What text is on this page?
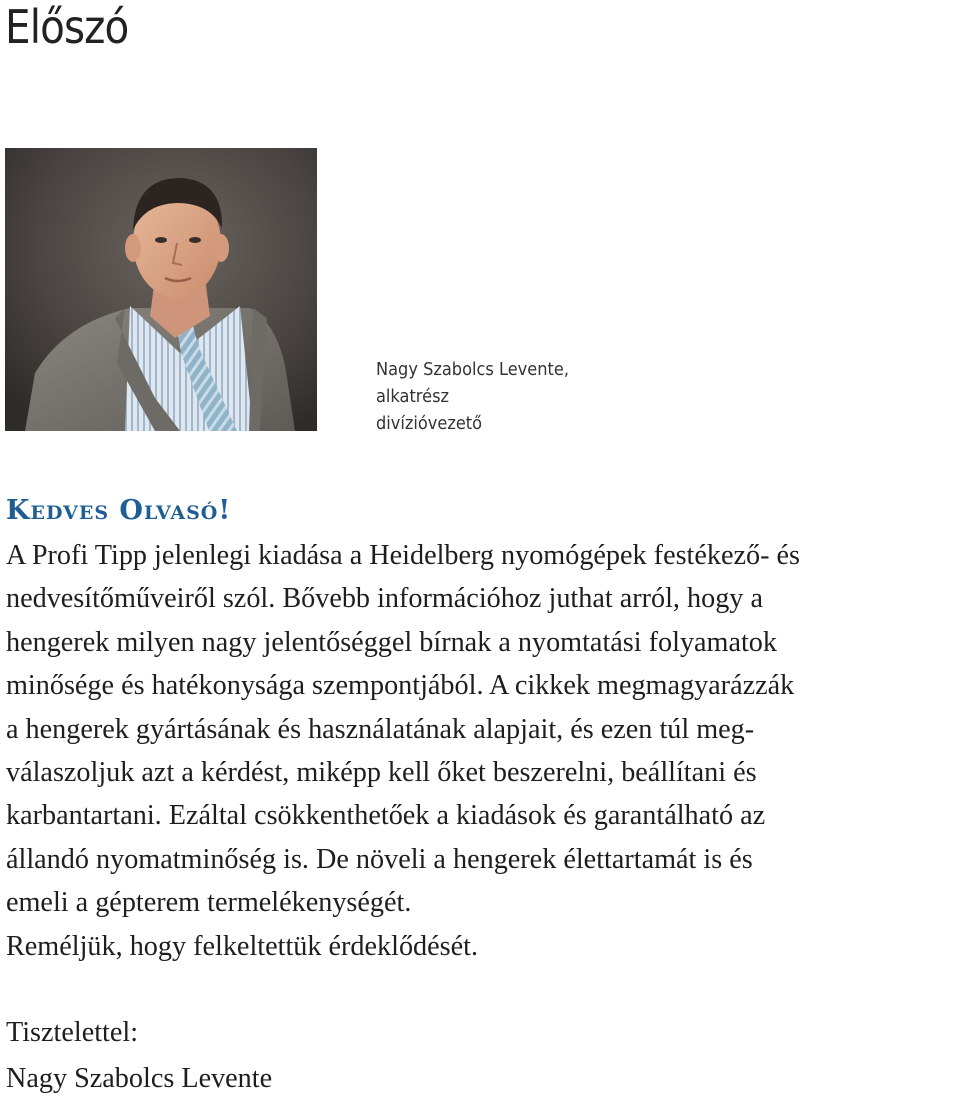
Előszó
Nagy Szabolcs Levente,
alkatrész
divízióvezető
Kedves Olvasó!
A Profi Tipp jelenlegi kiadása a Heidelberg nyomógépek festékező- és
nedvesítőműveiről szól. Bővebb információhoz juthat arról, hogy a
hengerek milyen nagy jelentőséggel bírnak a nyomtatási folyamatok
minősége és hatékonysága szempontjából. A cikkek megmagyarázzák
a hengerek gyártásának és használatának alapjait, és ezen túl meg-
válaszoljuk azt a kérdést, miképp kell őket beszerelni, beállítani és
karbantartani. Ezáltal csökkenthetőek a kiadások és garantálható az
állandó nyomatminőség is. De növeli a hengerek élettartamát is és
emeli a gépterem termelékenységét.
Reméljük, hogy felkeltettük érdeklődését.
Tisztelettel:
Nagy Szabolcs Levente
